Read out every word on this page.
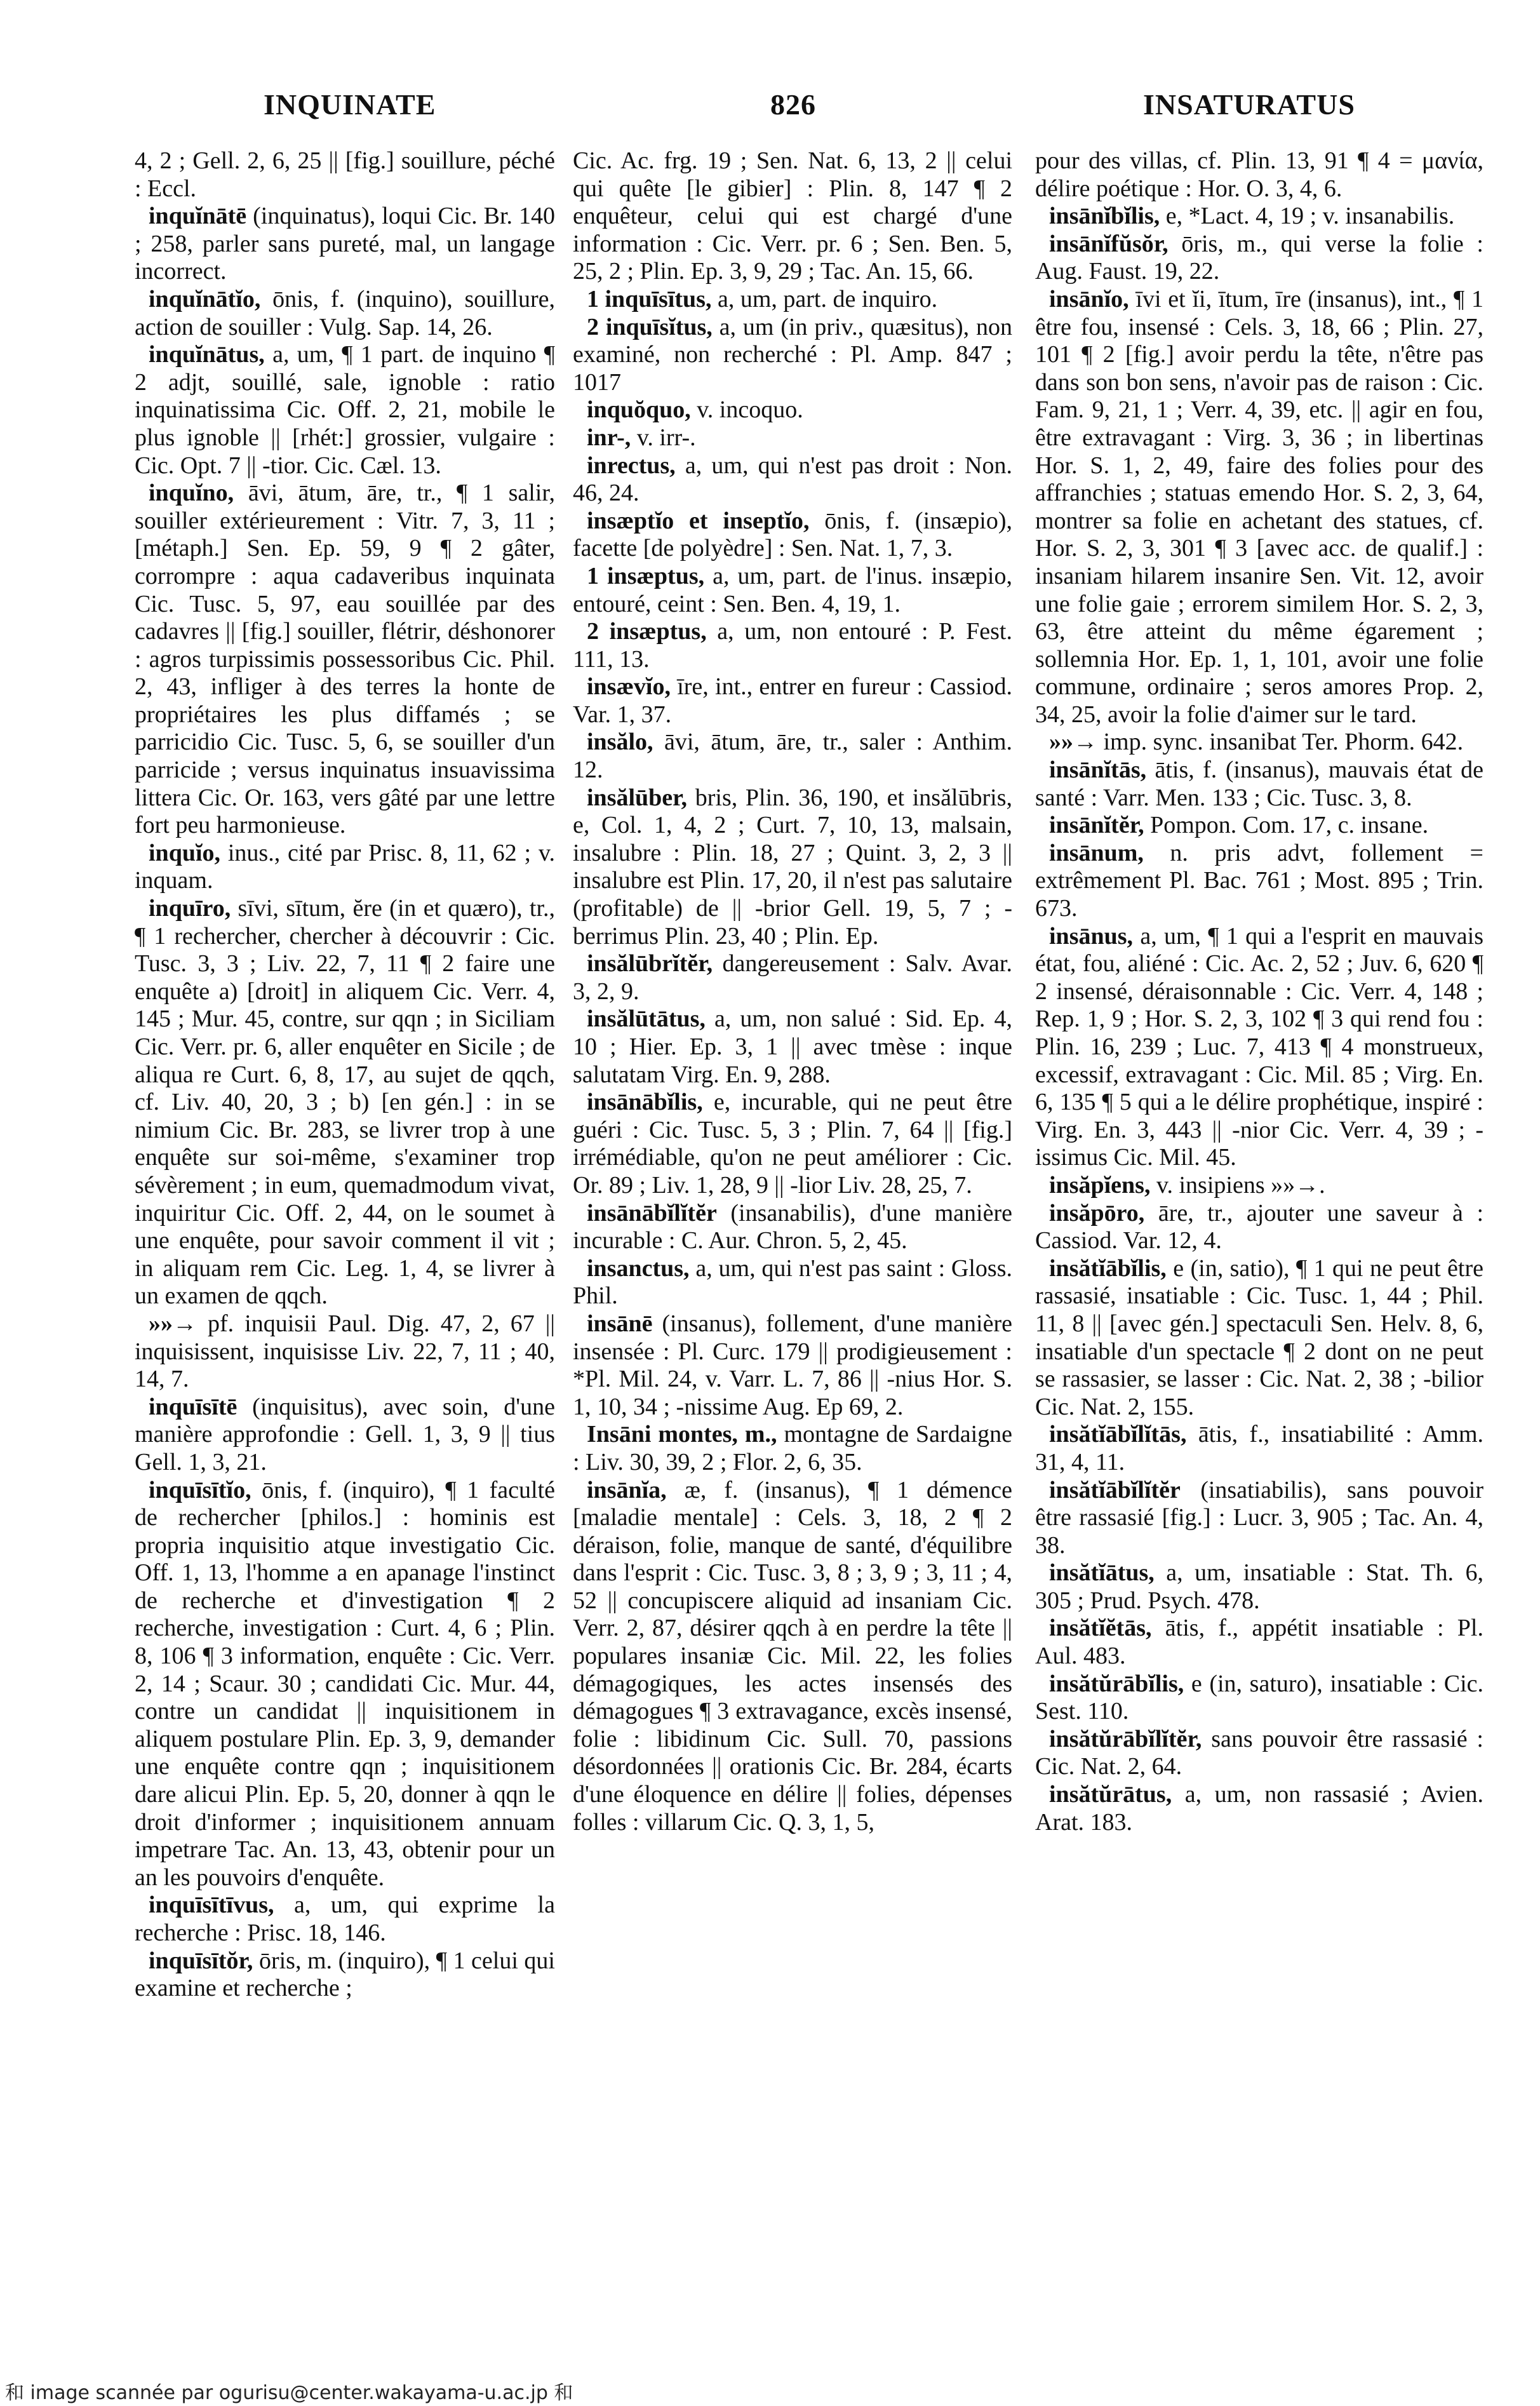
INQUINATE	826	INSATURATUS

4, 2 ; Gell. 2, 6, 25 || [fig.] souillure, péché : Eccl.

inquĭnātē (inquinatus), loqui Cic. Br. 140 ; 258, parler sans pureté, mal, un langage incorrect.

inquĭnātĭo, ōnis, f. (inquino), souillure, action de souiller : Vulg. Sap. 14, 26.

inquĭnātus, a, um, ¶ 1 part. de inquino ¶ 2 adjt, souillé, sale, ignoble : ratio inquinatissima Cic. Off. 2, 21, mobile le plus ignoble || [rhét:] grossier, vulgaire : Cic. Opt. 7 || -tior. Cic. Cæl. 13.

inquĭno, āvi, ātum, āre, tr., ¶ 1 salir, souiller extérieurement : Vitr. 7, 3, 11 ; [métaph.] Sen. Ep. 59, 9 ¶ 2 gâter, corrompre : aqua cadaveribus inquinata Cic. Tusc. 5, 97, eau souillée par des cadavres || [fig.] souiller, flétrir, déshonorer : agros turpissimis possessoribus Cic. Phil. 2, 43, infliger à des terres la honte de propriétaires les plus diffamés ; se parricidio Cic. Tusc. 5, 6, se souiller d'un parricide ; versus inquinatus insuavissima littera Cic. Or. 163, vers gâté par une lettre fort peu harmonieuse.

inquĭo, inus., cité par Prisc. 8, 11, 62 ; v. inquam.

inquīro, sīvi, sītum, ĕre (in et quæro), tr., ¶ 1 rechercher, chercher à découvrir : Cic. Tusc. 3, 3 ; Liv. 22, 7, 11 ¶ 2 faire une enquête a) [droit] in aliquem Cic. Verr. 4, 145 ; Mur. 45, contre, sur qqn ; in Siciliam Cic. Verr. pr. 6, aller enquêter en Sicile ; de aliqua re Curt. 6, 8, 17, au sujet de qqch, cf. Liv. 40, 20, 3 ; b) [en gén.] : in se nimium Cic. Br. 283, se livrer trop à une enquête sur soi-même, s'examiner trop sévèrement ; in eum, quemadmodum vivat, inquiritur Cic. Off. 2, 44, on le soumet à une enquête, pour savoir comment il vit ; in aliquam rem Cic. Leg. 1, 4, se livrer à un examen de qqch.

»»→ pf. inquisii Paul. Dig. 47, 2, 67 || inquisissent, inquisisse Liv. 22, 7, 11 ; 40, 14, 7.

inquīsītē (inquisitus), avec soin, d'une manière approfondie : Gell. 1, 3, 9 || tius Gell. 1, 3, 21.

inquīsītĭo, ōnis, f. (inquiro), ¶ 1 faculté de rechercher [philos.] : hominis est propria inquisitio atque investigatio Cic. Off. 1, 13, l'homme a en apanage l'instinct de recherche et d'investigation ¶ 2 recherche, investigation : Curt. 4, 6 ; Plin. 8, 106 ¶ 3 information, enquête : Cic. Verr. 2, 14 ; Scaur. 30 ; candidati Cic. Mur. 44, contre un candidat || inquisitionem in aliquem postulare Plin. Ep. 3, 9, demander une enquête contre qqn ; inquisitionem dare alicui Plin. Ep. 5, 20, donner à qqn le droit d'informer ; inquisitionem annuam impetrare Tac. An. 13, 43, obtenir pour un an les pouvoirs d'enquête.

inquīsītīvus, a, um, qui exprime la recherche : Prisc. 18, 146.

inquīsītŏr, ōris, m. (inquiro), ¶ 1 celui qui examine et recherche ;

Cic. Ac. frg. 19 ; Sen. Nat. 6, 13, 2 || celui qui quête [le gibier] : Plin. 8, 147 ¶ 2 enquêteur, celui qui est chargé d'une information : Cic. Verr. pr. 6 ; Sen. Ben. 5, 25, 2 ; Plin. Ep. 3, 9, 29 ; Tac. An. 15, 66.

1 inquīsītus, a, um, part. de inquiro.

2 inquīsĭtus, a, um (in priv., quæsitus), non examiné, non recherché : Pl. Amp. 847 ; 1017

inquŏquo, v. incoquo.

inr-, v. irr-.

inrectus, a, um, qui n'est pas droit : Non. 46, 24.

insæptĭo et inseptĭo, ōnis, f. (insæpio), facette [de polyèdre] : Sen. Nat. 1, 7, 3.

1 insæptus, a, um, part. de l'inus. insæpio, entouré, ceint : Sen. Ben. 4, 19, 1.

2 insæptus, a, um, non entouré : P. Fest. 111, 13.

insævĭo, īre, int., entrer en fureur : Cassiod. Var. 1, 37.

insălo, āvi, ātum, āre, tr., saler : Anthim. 12.

insălūber, bris, Plin. 36, 190, et insălūbris, e, Col. 1, 4, 2 ; Curt. 7, 10, 13, malsain, insalubre : Plin. 18, 27 ; Quint. 3, 2, 3 || insalubre est Plin. 17, 20, il n'est pas salutaire (profitable) de || -brior Gell. 19, 5, 7 ; -berrimus Plin. 23, 40 ; Plin. Ep.

insălūbrĭtĕr, dangereusement : Salv. Avar. 3, 2, 9.

insălūtātus, a, um, non salué : Sid. Ep. 4, 10 ; Hier. Ep. 3, 1 || avec tmèse : inque salutatam Virg. En. 9, 288.

insānābĭlis, e, incurable, qui ne peut être guéri : Cic. Tusc. 5, 3 ; Plin. 7, 64 || [fig.] irrémédiable, qu'on ne peut améliorer : Cic. Or. 89 ; Liv. 1, 28, 9 || -lior Liv. 28, 25, 7.

insānābĭlĭtĕr (insanabilis), d'une manière incurable : C. Aur. Chron. 5, 2, 45.

insanctus, a, um, qui n'est pas saint : Gloss. Phil.

insānē (insanus), follement, d'une manière insensée : Pl. Curc. 179 || prodigieusement : *Pl. Mil. 24, v. Varr. L. 7, 86 || -nius Hor. S. 1, 10, 34 ; -nissime Aug. Ep 69, 2.

Insāni montes, m., montagne de Sardaigne : Liv. 30, 39, 2 ; Flor. 2, 6, 35.

insānĭa, æ, f. (insanus), ¶ 1 démence [maladie mentale] : Cels. 3, 18, 2 ¶ 2 déraison, folie, manque de santé, d'équilibre dans l'esprit : Cic. Tusc. 3, 8 ; 3, 9 ; 3, 11 ; 4, 52 || concupiscere aliquid ad insaniam Cic. Verr. 2, 87, désirer qqch à en perdre la tête || populares insaniæ Cic. Mil. 22, les folies démagogiques, les actes insensés des démagogues ¶ 3 extravagance, excès insensé, folie : libidinum Cic. Sull. 70, passions désordonnées || orationis Cic. Br. 284, écarts d'une éloquence en délire || folies, dépenses folles : villarum Cic. Q. 3, 1, 5,

pour des villas, cf. Plin. 13, 91 ¶ 4 = μανία, délire poétique : Hor. O. 3, 4, 6.

insānĭbĭlis, e, *Lact. 4, 19 ; v. insanabilis.

insānĭfŭsŏr, ōris, m., qui verse la folie : Aug. Faust. 19, 22.

insānĭo, īvi et ĭi, ītum, īre (insanus), int., ¶ 1 être fou, insensé : Cels. 3, 18, 66 ; Plin. 27, 101 ¶ 2 [fig.] avoir perdu la tête, n'être pas dans son bon sens, n'avoir pas de raison : Cic. Fam. 9, 21, 1 ; Verr. 4, 39, etc. || agir en fou, être extravagant : Virg. 3, 36 ; in libertinas Hor. S. 1, 2, 49, faire des folies pour des affranchies ; statuas emendo Hor. S. 2, 3, 64, montrer sa folie en achetant des statues, cf. Hor. S. 2, 3, 301 ¶ 3 [avec acc. de qualif.] : insaniam hilarem insanire Sen. Vit. 12, avoir une folie gaie ; errorem similem Hor. S. 2, 3, 63, être atteint du même égarement ; sollemnia Hor. Ep. 1, 1, 101, avoir une folie commune, ordinaire ; seros amores Prop. 2, 34, 25, avoir la folie d'aimer sur le tard.

»»→ imp. sync. insanibat Ter. Phorm. 642.

insānĭtās, ātis, f. (insanus), mauvais état de santé : Varr. Men. 133 ; Cic. Tusc. 3, 8.

insānĭtĕr, Pompon. Com. 17, c. insane.

insānum, n. pris advt, follement = extrêmement Pl. Bac. 761 ; Most. 895 ; Trin. 673.

insānus, a, um, ¶ 1 qui a l'esprit en mauvais état, fou, aliéné : Cic. Ac. 2, 52 ; Juv. 6, 620 ¶ 2 insensé, déraisonnable : Cic. Verr. 4, 148 ; Rep. 1, 9 ; Hor. S. 2, 3, 102 ¶ 3 qui rend fou : Plin. 16, 239 ; Luc. 7, 413 ¶ 4 monstrueux, excessif, extravagant : Cic. Mil. 85 ; Virg. En. 6, 135 ¶ 5 qui a le délire prophétique, inspiré : Virg. En. 3, 443 || -nior Cic. Verr. 4, 39 ; -issimus Cic. Mil. 45.

insăpĭens, v. insipiens »»→.

insăpōro, āre, tr., ajouter une saveur à : Cassiod. Var. 12, 4.

insătĭābĭlis, e (in, satio), ¶ 1 qui ne peut être rassasié, insatiable : Cic. Tusc. 1, 44 ; Phil. 11, 8 || [avec gén.] spectaculi Sen. Helv. 8, 6, insatiable d'un spectacle ¶ 2 dont on ne peut se rassasier, se lasser : Cic. Nat. 2, 38 ; -bilior Cic. Nat. 2, 155.

insătĭābĭlĭtās, ātis, f., insatiabilité : Amm. 31, 4, 11.

insătĭābĭlĭtĕr (insatiabilis), sans pouvoir être rassasié [fig.] : Lucr. 3, 905 ; Tac. An. 4, 38.

insătĭātus, a, um, insatiable : Stat. Th. 6, 305 ; Prud. Psych. 478.

insătĭĕtās, ātis, f., appétit insatiable : Pl. Aul. 483.

insătŭrābĭlis, e (in, saturo), insatiable : Cic. Sest. 110.

insătŭrābĭlĭtĕr, sans pouvoir être rassasié : Cic. Nat. 2, 64.

insătŭrātus, a, um, non rassasié ; Avien. Arat. 183.

和 image scannée par ogurisu@center.wakayama-u.ac.jp 和
